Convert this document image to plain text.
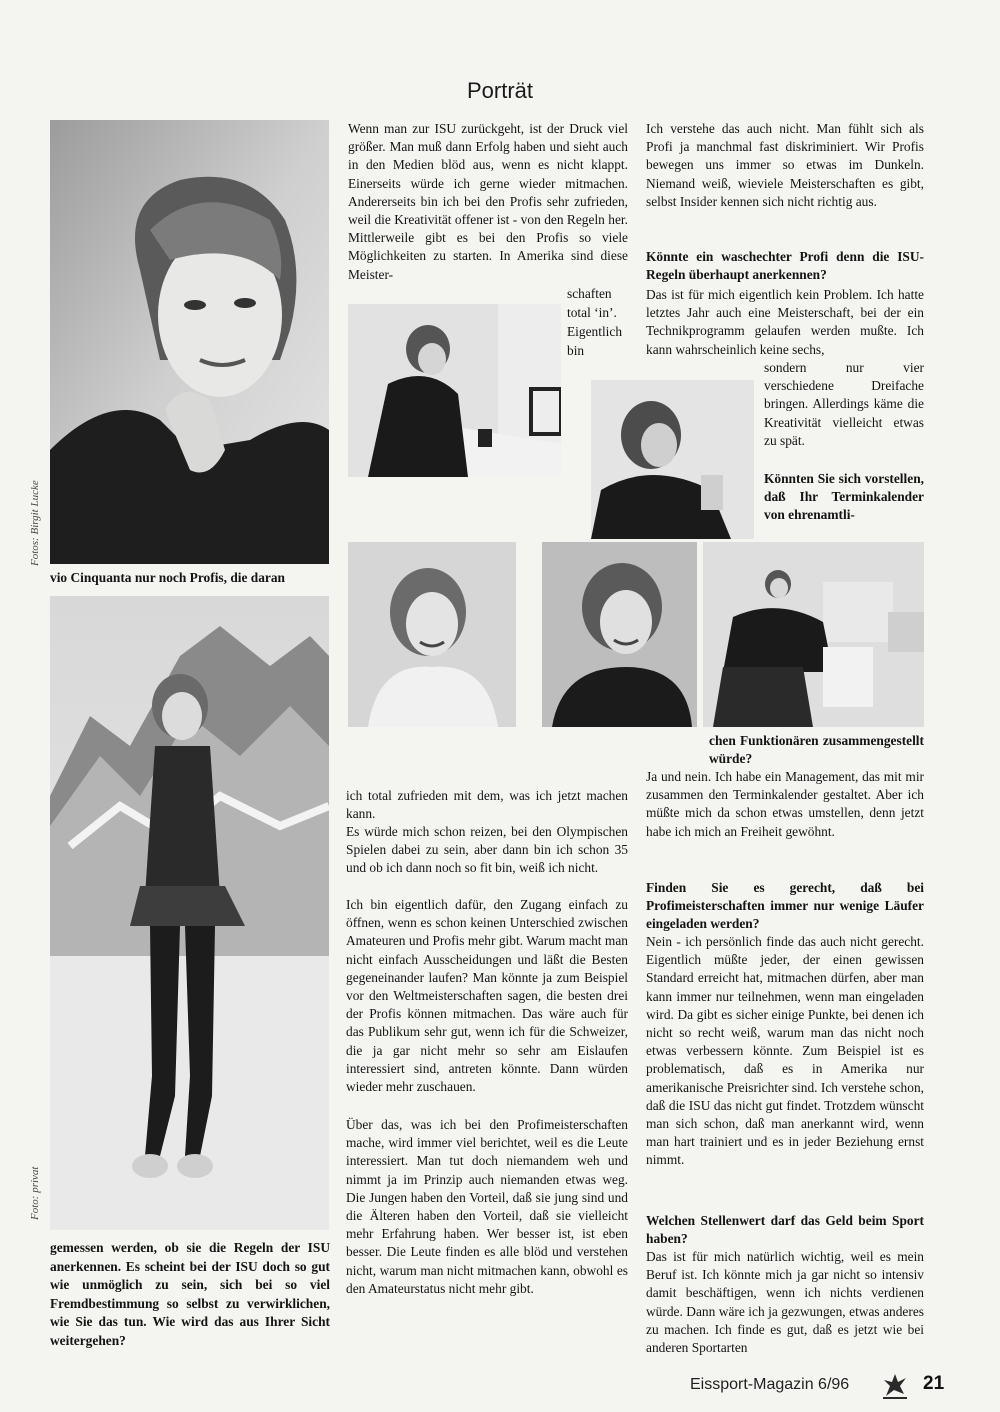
Porträt
Fotos: Birgit Lucke
vio Cinquanta nur noch Profis, die daran
Foto: privat
gemessen werden, ob sie die Regeln der ISU anerkennen. Es scheint bei der ISU doch so gut wie unmöglich zu sein, sich bei so viel Fremdbestimmung so selbst zu verwirklichen, wie Sie das tun. Wie wird das aus Ihrer Sicht weitergehen?
Wenn man zur ISU zurückgeht, ist der Druck viel größer. Man muß dann Erfolg haben und sieht auch in den Medien blöd aus, wenn es nicht klappt. Einerseits würde ich gerne wieder mitmachen. Andererseits bin ich bei den Profis sehr zufrieden, weil die Kreativität offener ist - von den Regeln her. Mittlerweile gibt es bei den Profis so viele Möglichkeiten zu starten. In Amerika sind diese Meister-
schaften total ‘in’. Eigentlich bin
Ich verstehe das auch nicht. Man fühlt sich als Profi ja manchmal fast diskriminiert. Wir Profis bewegen uns immer so etwas im Dunkeln. Niemand weiß, wieviele Meisterschaften es gibt, selbst Insider kennen sich nicht richtig aus.
Könnte ein waschechter Profi denn die ISU-Regeln überhaupt anerkennen?
Das ist für mich eigentlich kein Problem. Ich hatte letztes Jahr auch eine Meisterschaft, bei der ein Technikprogramm gelaufen werden mußte. Ich kann wahrscheinlich keine sechs,
sondern nur vier verschiedene Dreifache bringen. Allerdings käme die Kreativität vielleicht etwas zu spät.
Könnten Sie sich vorstellen, daß Ihr Terminkalender von ehrenamtli-
chen Funktionären zusammengestellt würde?
Ja und nein. Ich habe ein Management, das mit mir zusammen den Terminkalender gestaltet. Aber ich müßte mich da schon etwas umstellen, denn jetzt habe ich mich an Freiheit gewöhnt.
Finden Sie es gerecht, daß bei Profimeisterschaften immer nur wenige Läufer eingeladen werden?
Nein - ich persönlich finde das auch nicht gerecht. Eigentlich müßte jeder, der einen gewissen Standard erreicht hat, mitmachen dürfen, aber man kann immer nur teilnehmen, wenn man eingeladen wird. Da gibt es sicher einige Punkte, bei denen ich nicht so recht weiß, warum man das nicht noch etwas verbessern könnte. Zum Beispiel ist es problematisch, daß es in Amerika nur amerikanische Preisrichter sind. Ich verstehe schon, daß die ISU das nicht gut findet. Trotzdem wünscht man sich schon, daß man anerkannt wird, wenn man hart trainiert und es in jeder Beziehung ernst nimmt.
Welchen Stellenwert darf das Geld beim Sport haben?
Das ist für mich natürlich wichtig, weil es mein Beruf ist. Ich könnte mich ja gar nicht so intensiv damit beschäftigen, wenn ich nichts verdienen würde. Dann wäre ich ja gezwungen, etwas anderes zu machen. Ich finde es gut, daß es jetzt wie bei anderen Sportarten
ich total zufrieden mit dem, was ich jetzt machen kann.
Es würde mich schon reizen, bei den Olympischen Spielen dabei zu sein, aber dann bin ich schon 35 und ob ich dann noch so fit bin, weiß ich nicht.
Ich bin eigentlich dafür, den Zugang einfach zu öffnen, wenn es schon keinen Unterschied zwischen Amateuren und Profis mehr gibt. Warum macht man nicht einfach Ausscheidungen und läßt die Besten gegeneinander laufen? Man könnte ja zum Beispiel vor den Weltmeisterschaften sagen, die besten drei der Profis können mitmachen. Das wäre auch für das Publikum sehr gut, wenn ich für die Schweizer, die ja gar nicht mehr so sehr am Eislaufen interessiert sind, antreten könnte. Dann würden wieder mehr zuschauen.
Über das, was ich bei den Profimeisterschaften mache, wird immer viel berichtet, weil es die Leute interessiert. Man tut doch niemandem weh und nimmt ja im Prinzip auch niemanden etwas weg. Die Jungen haben den Vorteil, daß sie jung sind und die Älteren haben den Vorteil, daß sie vielleicht mehr Erfahrung haben. Wer besser ist, ist eben besser. Die Leute finden es alle blöd und verstehen nicht, warum man nicht mitmachen kann, obwohl es den Amateurstatus nicht mehr gibt.
Eissport-Magazin 6/96	21
